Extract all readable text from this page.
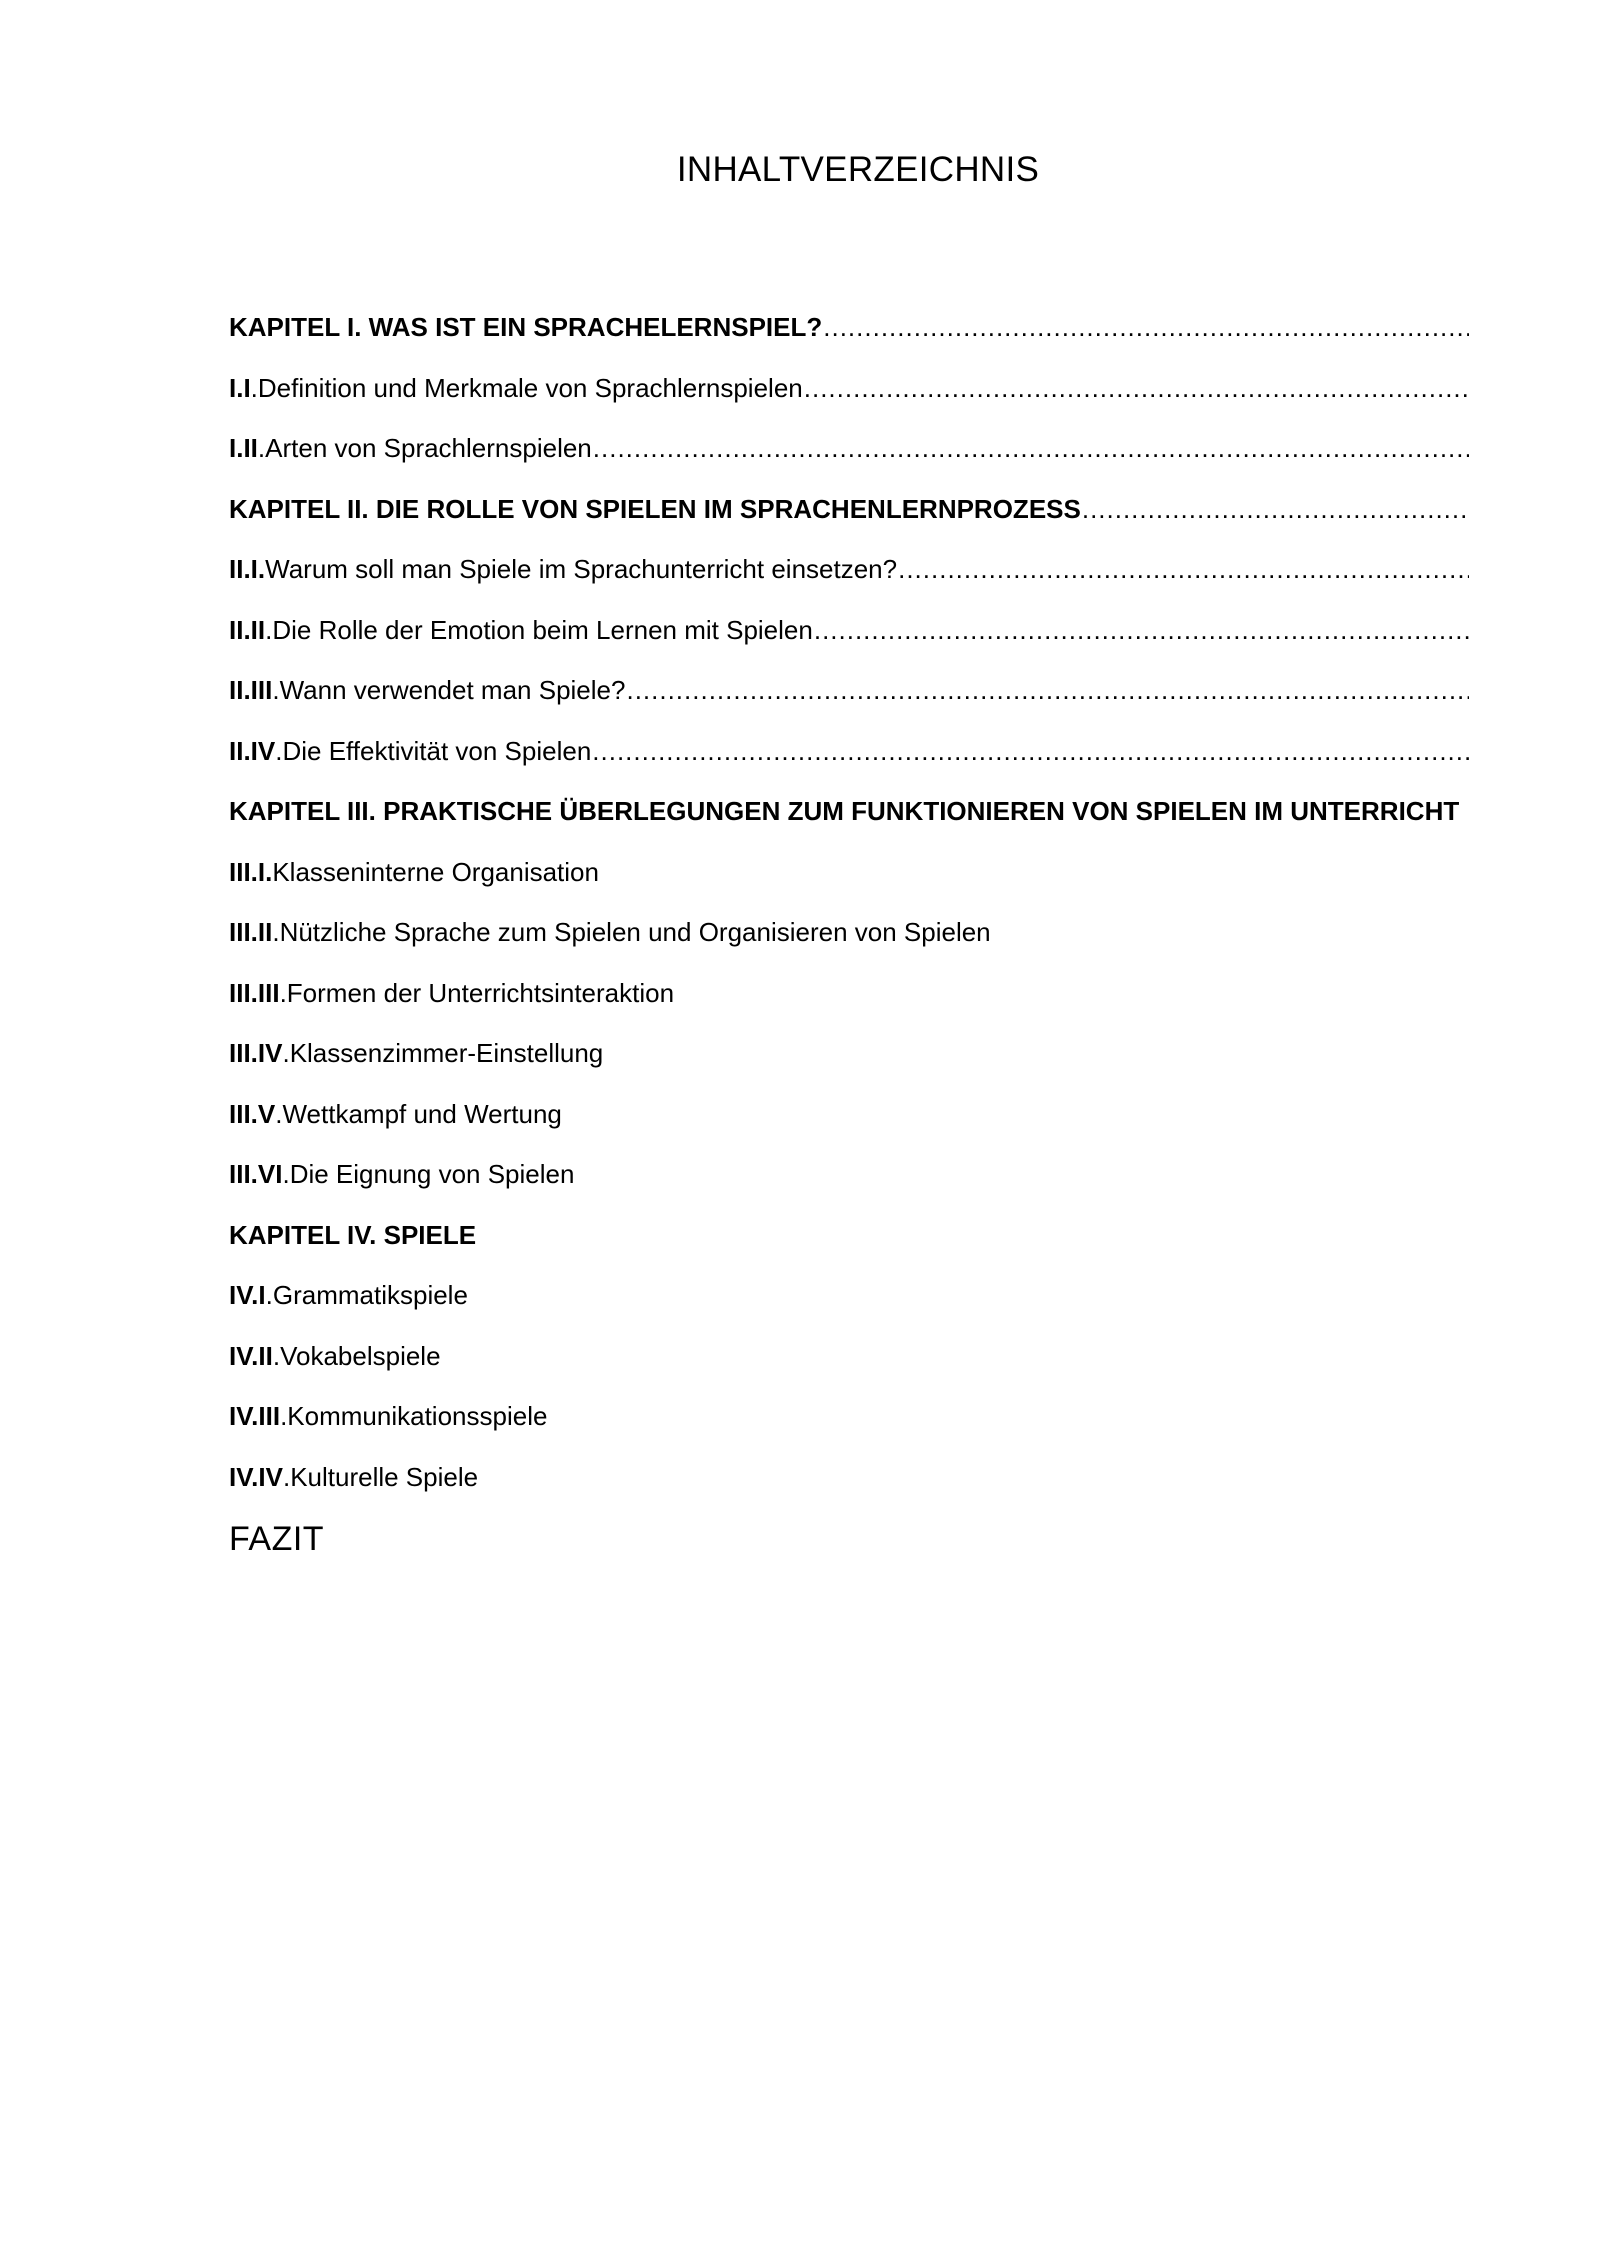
INHALTVERZEICHNIS
KAPITEL I. WAS IST EIN SPRACHELERNSPIEL?
.....
I.I.Definition und Merkmale von Sprachlernspielen
.....
I.II.Arten von Sprachlernspielen
.....
KAPITEL II. DIE ROLLE VON SPIELEN IM SPRACHENLERNPROZESS
.....
II.I.Warum soll man Spiele im Sprachunterricht einsetzen?
.....
II.II.Die Rolle der Emotion beim Lernen mit Spielen
.....
II.III.Wann verwendet man Spiele?
.....
II.IV.Die Effektivität von Spielen
.....
KAPITEL III. PRAKTISCHE ÜBERLEGUNGEN ZUM FUNKTIONIEREN VON SPIELEN IM UNTERRICHT
III.I.Klasseninterne Organisation
III.II.Nützliche Sprache zum Spielen und Organisieren von Spielen
III.III.Formen der Unterrichtsinteraktion
III.IV.Klassenzimmer-Einstellung
III.V.Wettkampf und Wertung
III.VI.Die Eignung von Spielen
KAPITEL IV. SPIELE
IV.I.Grammatikspiele
IV.II.Vokabelspiele
IV.III.Kommunikationsspiele
IV.IV.Kulturelle Spiele

FAZIT
